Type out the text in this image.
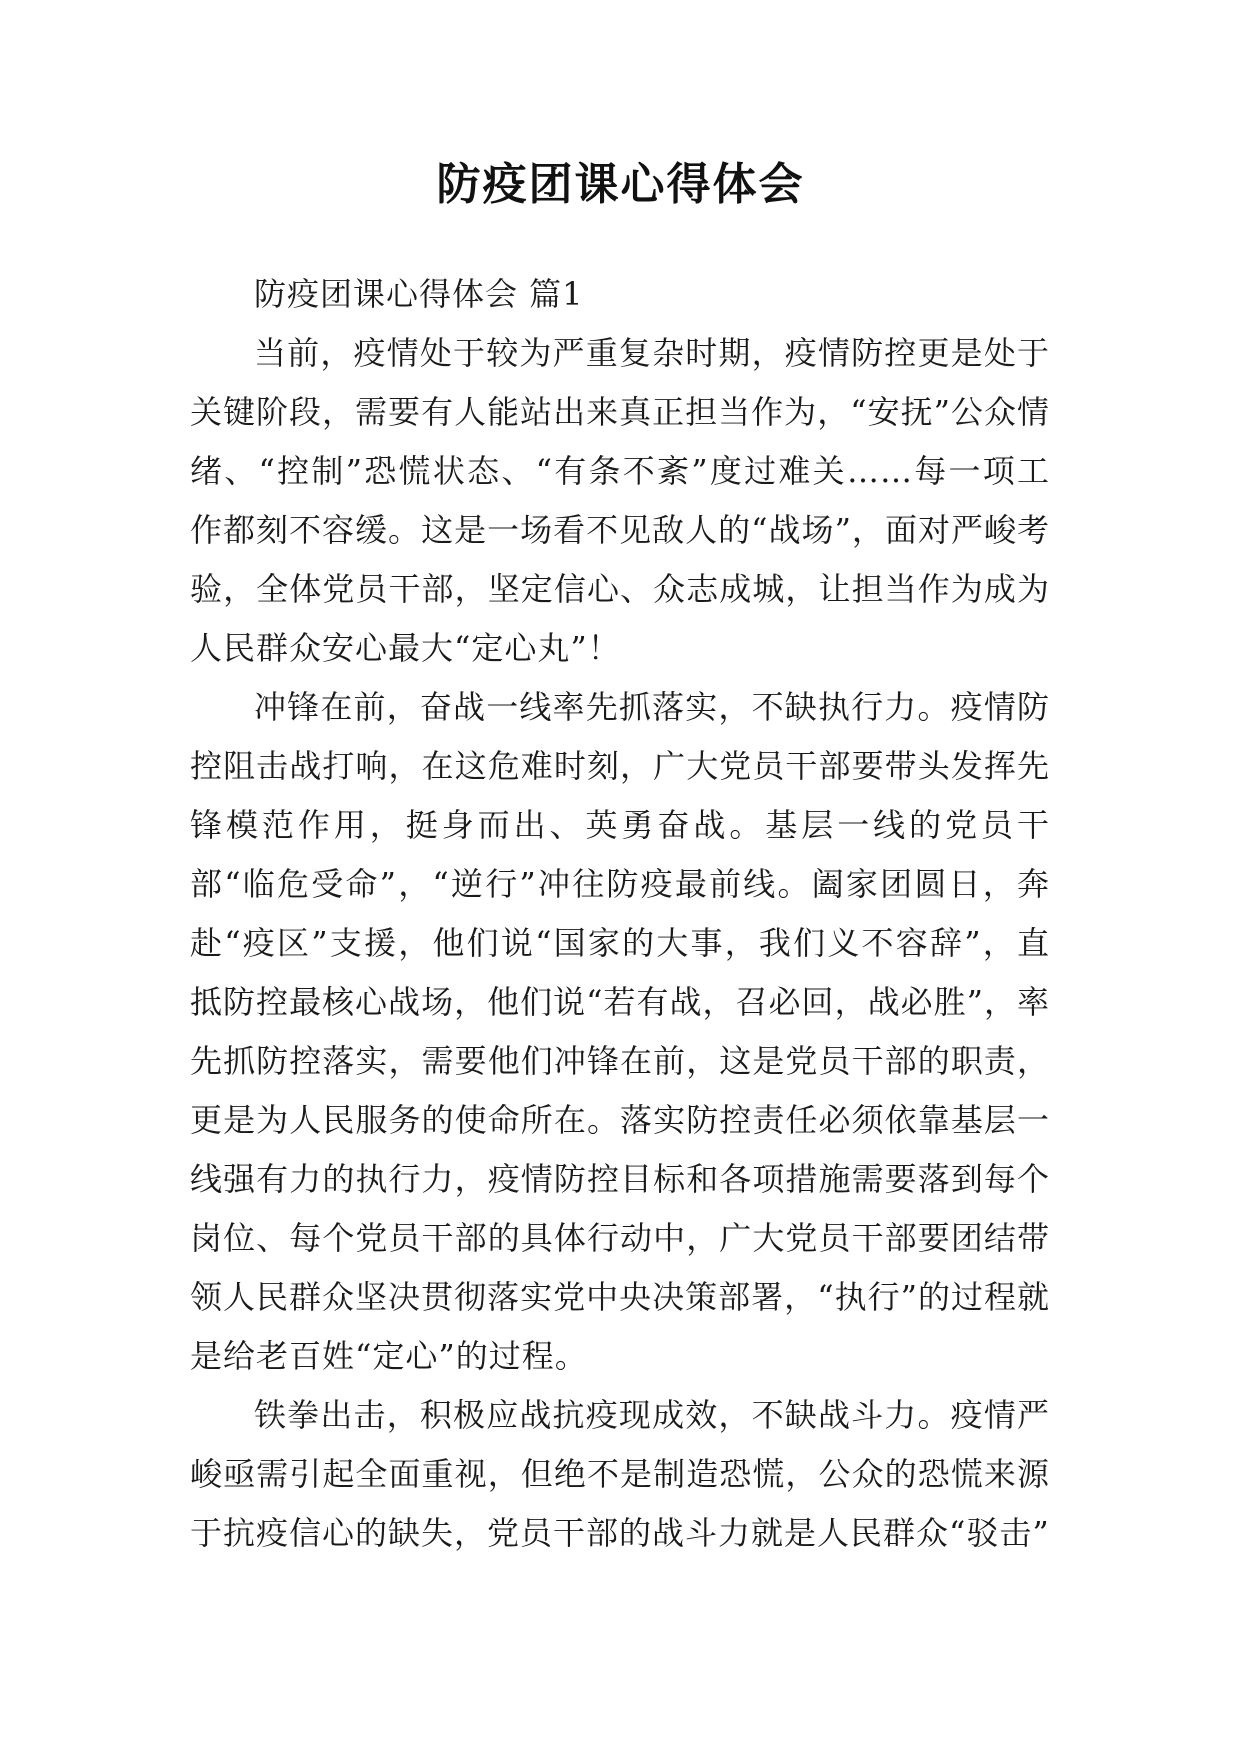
防疫团课心得体会

防疫团课心得体会 篇1

当前，疫情处于较为严重复杂时期，疫情防控更是处于关键阶段，需要有人能站出来真正担当作为，“安抚”公众情绪、“控制”恐慌状态、“有条不紊”度过难关……每一项工作都刻不容缓。这是一场看不见敌人的“战场”，面对严峻考验，全体党员干部，坚定信心、众志成城，让担当作为成为人民群众安心最大“定心丸”！

冲锋在前，奋战一线率先抓落实，不缺执行力。疫情防控阻击战打响，在这危难时刻，广大党员干部要带头发挥先锋模范作用，挺身而出、英勇奋战。基层一线的党员干部“临危受命”，“逆行”冲往防疫最前线。阖家团圆日，奔赴“疫区”支援，他们说“国家的大事，我们义不容辞”，直抵防控最核心战场，他们说“若有战，召必回，战必胜”，率先抓防控落实，需要他们冲锋在前，这是党员干部的职责，更是为人民服务的使命所在。落实防控责任必须依靠基层一线强有力的执行力，疫情防控目标和各项措施需要落到每个岗位、每个党员干部的具体行动中，广大党员干部要团结带领人民群众坚决贯彻落实党中央决策部署，“执行”的过程就是给老百姓“定心”的过程。

铁拳出击，积极应战抗疫现成效，不缺战斗力。疫情严峻亟需引起全面重视，但绝不是制造恐慌，公众的恐慌来源于抗疫信心的缺失，党员干部的战斗力就是人民群众“驳击”
